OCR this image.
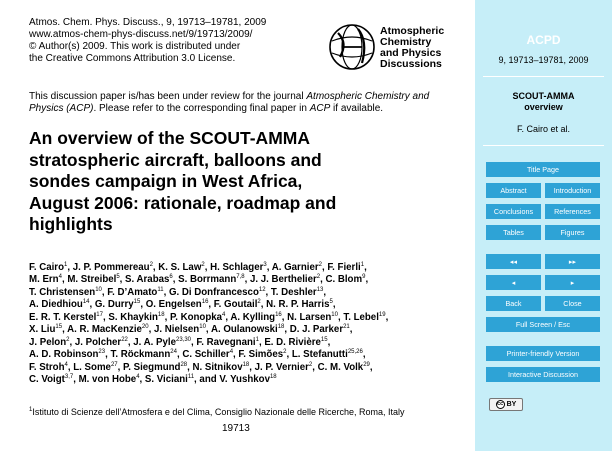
Atmos. Chem. Phys. Discuss., 9, 19713–19781, 2009
www.atmos-chem-phys-discuss.net/9/19713/2009/
© Author(s) 2009. This work is distributed under
the Creative Commons Attribution 3.0 License.
Atmospheric
Chemistry
and Physics
Discussions
This discussion paper is/has been under review for the journal Atmospheric Chemistry and Physics (ACP). Please refer to the corresponding final paper in ACP if available.
An overview of the SCOUT-AMMA
stratospheric aircraft, balloons and
sondes campaign in West Africa,
August 2006: rationale, roadmap and
highlights
F. Cairo$^1$, J. P. Pommereau$^2$, K. S. Law$^2$, H. Schlager$^3$, A. Garnier$^2$, F. Fierli$^1$,
M. Ern$^4$, M. Streibel$^5$, S. Arabas$^6$, S. Borrmann$^{7,8}$, J. J. Berthelier$^2$, C. Blom$^9$,
T. Christensen$^{10}$, F. D’Amato$^{11}$, G. Di Donfrancesco$^{12}$, T. Deshler$^{13}$,
A. Diedhiou$^{14}$, G. Durry$^{15}$, O. Engelsen$^{16}$, F. Goutail$^2$, N. R. P. Harris$^5$,
E. R. T. Kerstel$^{17}$, S. Khaykin$^{18}$, P. Konopka$^4$, A. Kylling$^{16}$, N. Larsen$^{10}$, T. Lebel$^{19}$,
X. Liu$^{15}$, A. R. MacKenzie$^{20}$, J. Nielsen$^{10}$, A. Oulanowski$^{18}$, D. J. Parker$^{21}$,
J. Pelon$^2$, J. Polcher$^{22}$, J. A. Pyle$^{23,30}$, F. Ravegnani$^1$, E. D. Rivière$^{15}$,
A. D. Robinson$^{23}$, T. Röckmann$^{24}$, C. Schiller$^4$, F. Simões$^2$, L. Stefanutti$^{25,26}$,
F. Stroh$^4$, L. Some$^{27}$, P. Siegmund$^{28}$, N. Sitnikov$^{18}$, J. P. Vernier$^2$, C. M. Volk$^{29}$,
C. Voigt$^{3,7}$, M. von Hobe$^4$, S. Viciani$^{11}$, and V. Yushkov$^{18}$
$^1$Istituto di Scienze dell’Atmosfera e del Clima, Consiglio Nazionale delle Ricerche, Roma, Italy
19713
ACPD
9, 19713–19781, 2009
SCOUT-AMMA
overview
F. Cairo et al.
Title Page
Abstract	Introduction
Conclusions	References
Tables	Figures
◂◂	▸▸
◂	▸
Back	Close
Full Screen / Esc
Printer-friendly Version
Interactive Discussion
cc BY
